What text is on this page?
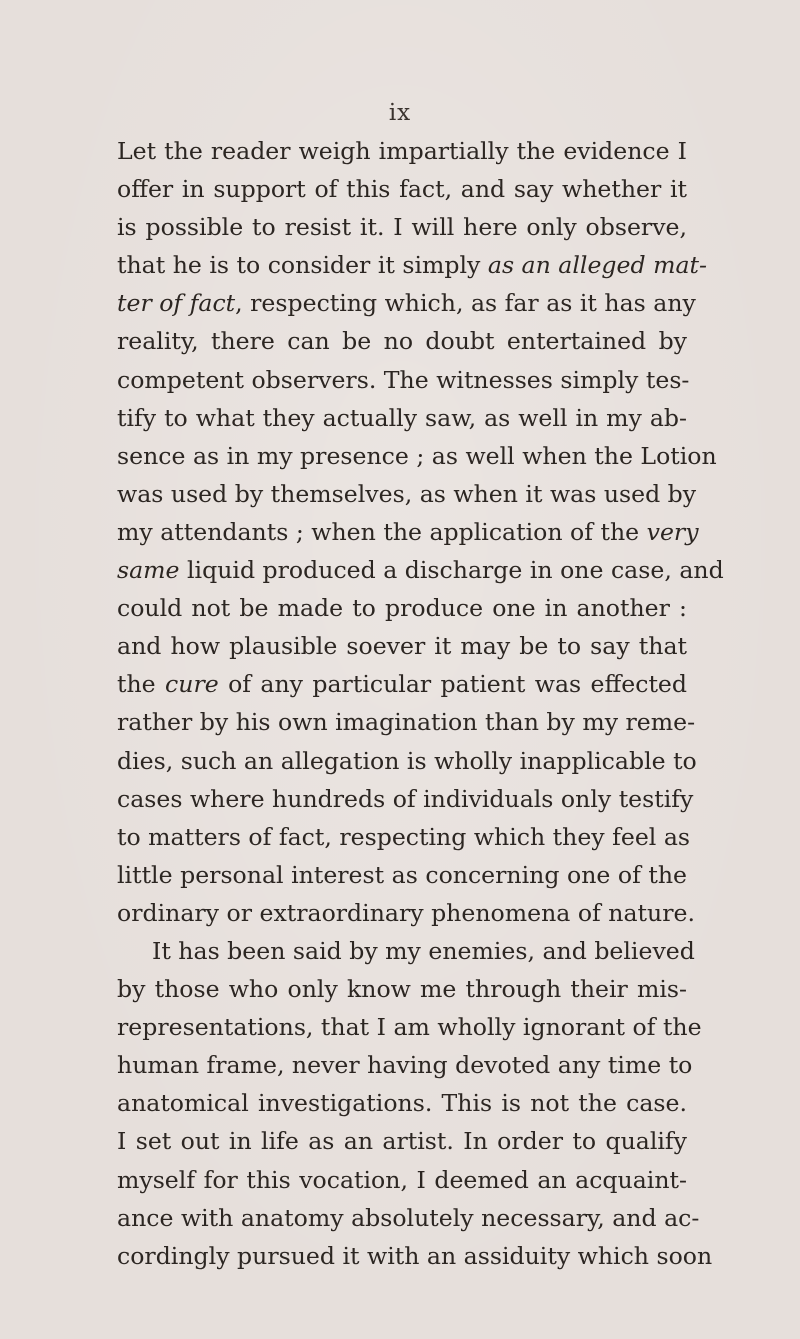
ix
Let the reader weigh impartially the evidence I
offer in support of this fact, and say whether it
is possible to resist it. I will here only observe,
that he is to consider it simply as an alleged mat-
ter of fact, respecting which, as far as it has any
reality, there can be no doubt entertained by
competent observers. The witnesses simply tes-
tify to what they actually saw, as well in my ab-
sence as in my presence ; as well when the Lotion
was used by themselves, as when it was used by
my attendants ; when the application of the very
same liquid produced a discharge in one case, and
could not be made to produce one in another :
and how plausible soever it may be to say that
the cure of any particular patient was effected
rather by his own imagination than by my reme-
dies, such an allegation is wholly inapplicable to
cases where hundreds of individuals only testify
to matters of fact, respecting which they feel as
little personal interest as concerning one of the
ordinary or extraordinary phenomena of nature.
It has been said by my enemies, and believed
by those who only know me through their mis-
representations, that I am wholly ignorant of the
human frame, never having devoted any time to
anatomical investigations. This is not the case.
I set out in life as an artist. In order to qualify
myself for this vocation, I deemed an acquaint-
ance with anatomy absolutely necessary, and ac-
cordingly pursued it with an assiduity which soon
